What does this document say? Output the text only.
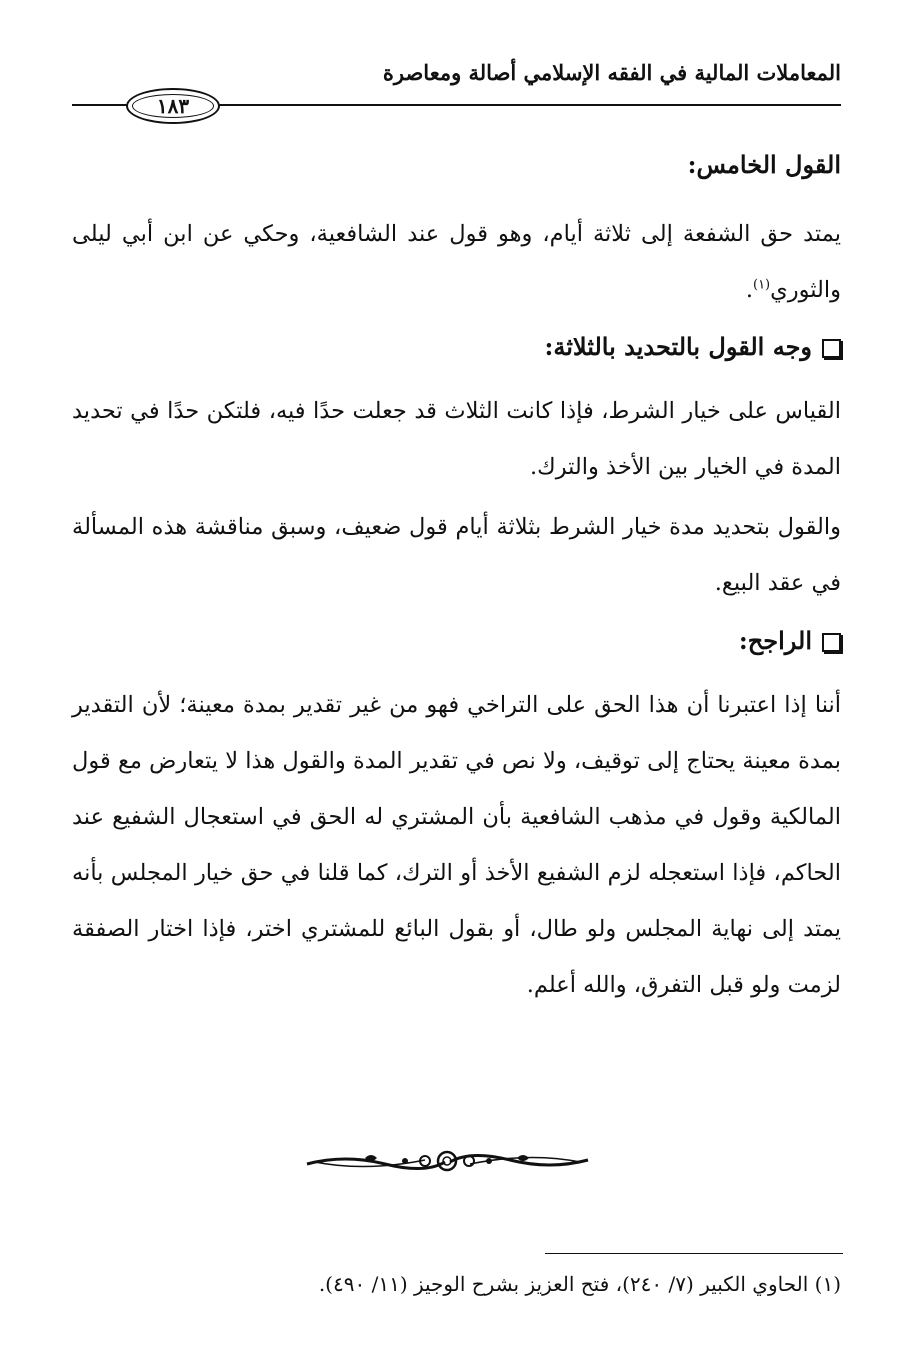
المعاملات المالية في الفقه الإسلامي أصالة ومعاصرة
١٨٣
القول الخامس:
يمتد حق الشفعة إلى ثلاثة أيام، وهو قول عند الشافعية، وحكي عن ابن أبي ليلى والثوري$^{(١)}$.
وجه القول بالتحديد بالثلاثة:
القياس على خيار الشرط، فإذا كانت الثلاث قد جعلت حدًا فيه، فلتكن حدًا في تحديد المدة في الخيار بين الأخذ والترك.
والقول بتحديد مدة خيار الشرط بثلاثة أيام قول ضعيف، وسبق مناقشة هذه المسألة في عقد البيع.
الراجح:
أننا إذا اعتبرنا أن هذا الحق على التراخي فهو من غير تقدير بمدة معينة؛ لأن التقدير بمدة معينة يحتاج إلى توقيف، ولا نص في تقدير المدة والقول هذا لا يتعارض مع قول المالكية وقول في مذهب الشافعية بأن المشتري له الحق في استعجال الشفيع عند الحاكم، فإذا استعجله لزم الشفيع الأخذ أو الترك، كما قلنا في حق خيار المجلس بأنه يمتد إلى نهاية المجلس ولو طال، أو بقول البائع للمشتري اختر، فإذا اختار الصفقة لزمت ولو قبل التفرق، والله أعلم.
(١) الحاوي الكبير (٧/ ٢٤٠)، فتح العزيز بشرح الوجيز (١١/ ٤٩٠).
